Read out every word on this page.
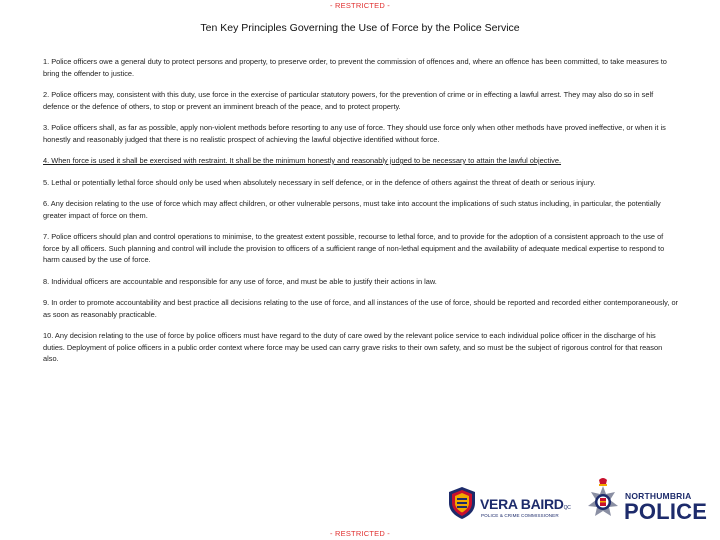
- RESTRICTED -
Ten Key Principles Governing the Use of Force by the Police Service

1. Police officers owe a general duty to protect persons and property, to preserve order, to prevent the commission of offences and, where an offence has been committed, to take measures to bring the offender to justice.

2. Police officers may, consistent with this duty, use force in the exercise of particular statutory powers, for the prevention of crime or in effecting a lawful arrest. They may also do so in self defence or the defence of others, to stop or prevent an imminent breach of the peace, and to protect property.

3. Police officers shall, as far as possible, apply non-violent methods before resorting to any use of force. They should use force only when other methods have proved ineffective, or when it is honestly and reasonably judged that there is no realistic prospect of achieving the lawful objective identified without force.

4. When force is used it shall be exercised with restraint. It shall be the minimum honestly and reasonably judged to be necessary to attain the lawful objective.

5. Lethal or potentially lethal force should only be used when absolutely necessary in self defence, or in the defence of others against the threat of death or serious injury.

6. Any decision relating to the use of force which may affect children, or other vulnerable persons, must take into account the implications of such status including, in particular, the potentially greater impact of force on them.

7. Police officers should plan and control operations to minimise, to the greatest extent possible, recourse to lethal force, and to provide for the adoption of a consistent approach to the use of force by all officers. Such planning and control will include the provision to officers of a sufficient range of non-lethal equipment and the availability of adequate medical expertise to respond to harm caused by the use of force.

8. Individual officers are accountable and responsible for any use of force, and must be able to justify their actions in law.

9. In order to promote accountability and best practice all decisions relating to the use of force, and all instances of the use of force, should be reported and recorded either contemporaneously, or as soon as reasonably practicable.

10. Any decision relating to the use of force by police officers must have regard to the duty of care owed by the relevant police service to each individual police officer in the discharge of his duties. Deployment of police officers in a public order context where force may be used can carry grave risks to their own safety, and so must be the subject of rigorous control for that reason also.

VERA BAIRDQC
POLICE & CRIME COMMISSIONER
NORTHUMBRIA
POLICE
- RESTRICTED -
